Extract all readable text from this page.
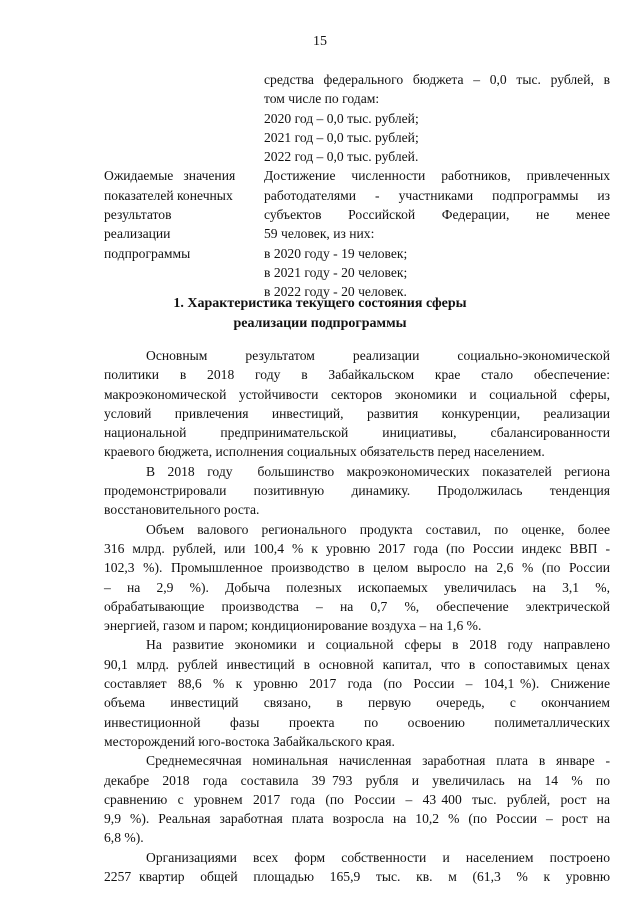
15
средства федерального бюджета – 0,0 тыс. рублей, в
том числе по годам:
2020 год – 0,0 тыс. рублей;
2021 год – 0,0 тыс. рублей;
2022 год – 0,0 тыс. рублей.
Ожидаемые   значения
показателей конечных
результатов
реализации
подпрограммы
Достижение численности работников, привлеченных
работодателями - участниками подпрограммы из
субъектов Российской Федерации, не менее
59 человек, из них:
в 2020 году - 19 человек;
в 2021 году - 20 человек;
в 2022 году - 20 человек.
1. Характеристика текущего состояния сферы
реализации подпрограммы
Основным    результатом    реализации    социально-экономической
политики  в  2018  году  в  Забайкальском  крае  стало  обеспечение:
макроэкономической устойчивости секторов экономики и социальной сферы,
условий  привлечения  инвестиций,  развития  конкуренции,  реализации
национальной     предпринимательской     инициативы,     сбалансированности
краевого бюджета, исполнения социальных обязательств перед населением.
В 2018 году  большинство макроэкономических показателей региона
продемонстрировали  позитивную  динамику.  Продолжилась  тенденция
восстановительного роста.
Объем валового регионального продукта составил, по оценке, более
316 млрд. рублей, или 100,4 % к уровню 2017 года (по России индекс ВВП -
102,3 %). Промышленное производство в целом выросло на 2,6 % (по России
–  на  2,9  %).  Добыча  полезных  ископаемых  увеличилась  на  3,1  %,
обрабатывающие  производства  –  на  0,7  %,  обеспечение  электрической
энергией, газом и паром; кондиционирование воздуха – на 1,6 %.
На развитие экономики и социальной сферы в 2018 году направлено
90,1 млрд. рублей инвестиций в основной капитал, что в сопоставимых ценах
составляет  88,6  %  к  уровню  2017  года  (по  России  –  104,1 %).  Снижение
объема     инвестиций     связано,     в     первую     очередь,     с     окончанием
инвестиционной     фазы     проекта     по     освоению     полиметаллических
месторождений юго-востока Забайкальского края.
Среднемесячная номинальная начисленная заработная плата в январе -
декабре  2018  года  составила  39 793  рубля  и  увеличилась  на  14  %  по
сравнению  с  уровнем  2017  года  (по  России  –  43 400  тыс.  рублей,  рост  на
9,9 %). Реальная заработная плата возросла на 10,2 % (по России – рост на
6,8 %).
Организациями  всех  форм  собственности  и  населением  построено
2257 квартир  общей  площадью  165,9  тыс.  кв.  м  (61,3  %  к  уровню
